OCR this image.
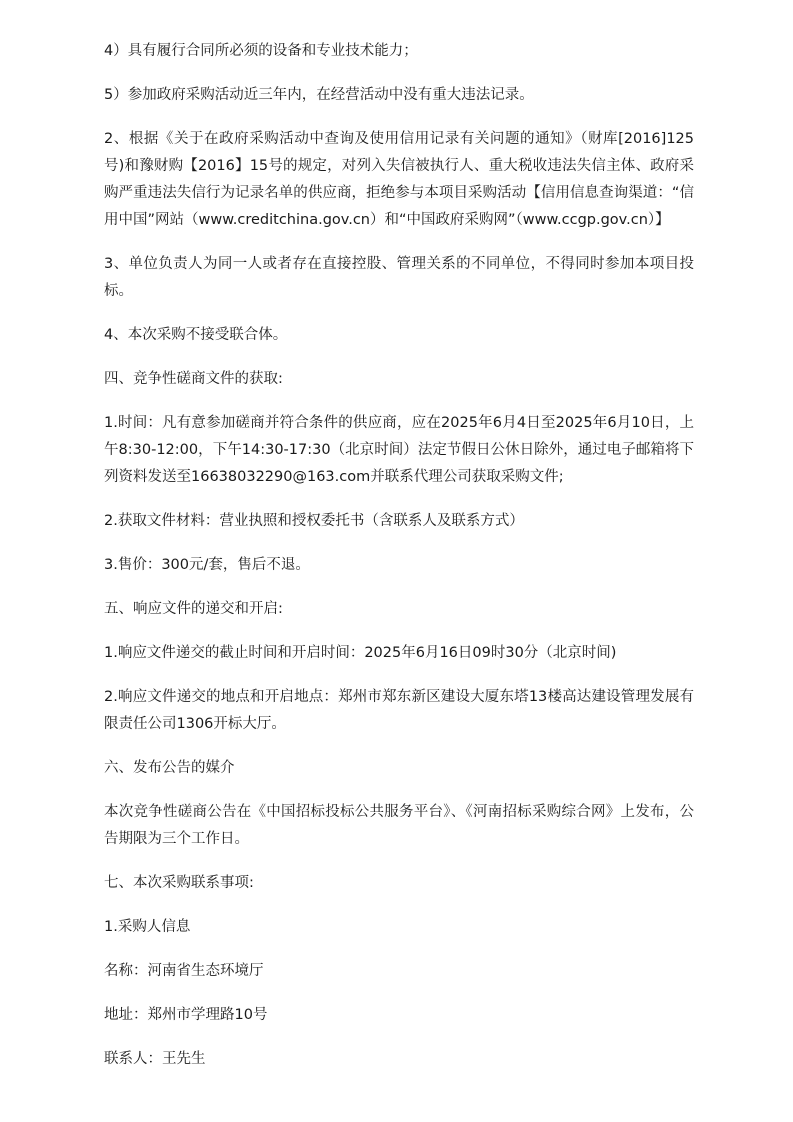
4）具有履行合同所必须的设备和专业技术能力；

5）参加政府采购活动近三年内，在经营活动中没有重大违法记录。

2、根据《关于在政府采购活动中查询及使用信用记录有关问题的通知》（财库[2016]125号)和豫财购【2016】15号的规定，对列入失信被执行人、重大税收违法失信主体、政府采购严重违法失信行为记录名单的供应商，拒绝参与本项目采购活动【信用信息查询渠道：“信用中国”网站（www.creditchina.gov.cn）和“中国政府采购网”（www.ccgp.gov.cn）】

3、单位负责人为同一人或者存在直接控股、管理关系的不同单位，不得同时参加本项目投标。

4、本次采购不接受联合体。

四、竞争性磋商文件的获取:

1.时间：凡有意参加磋商并符合条件的供应商，应在2025年6月4日至2025年6月10日，上午8:30-12:00，下午14:30-17:30（北京时间）法定节假日公休日除外，通过电子邮箱将下列资料发送至16638032290@163.com并联系代理公司获取采购文件;

2.获取文件材料：营业执照和授权委托书（含联系人及联系方式）

3.售价：300元/套，售后不退。

五、响应文件的递交和开启:

1.响应文件递交的截止时间和开启时间：2025年6月16日09时30分（北京时间)

2.响应文件递交的地点和开启地点：郑州市郑东新区建设大厦东塔13楼高达建设管理发展有限责任公司1306开标大厅。

六、发布公告的媒介

本次竞争性磋商公告在《中国招标投标公共服务平台》、《河南招标采购综合网》上发布，公告期限为三个工作日。

七、本次采购联系事项:

1.采购人信息

名称：河南省生态环境厅

地址：郑州市学理路10号

联系人：王先生
